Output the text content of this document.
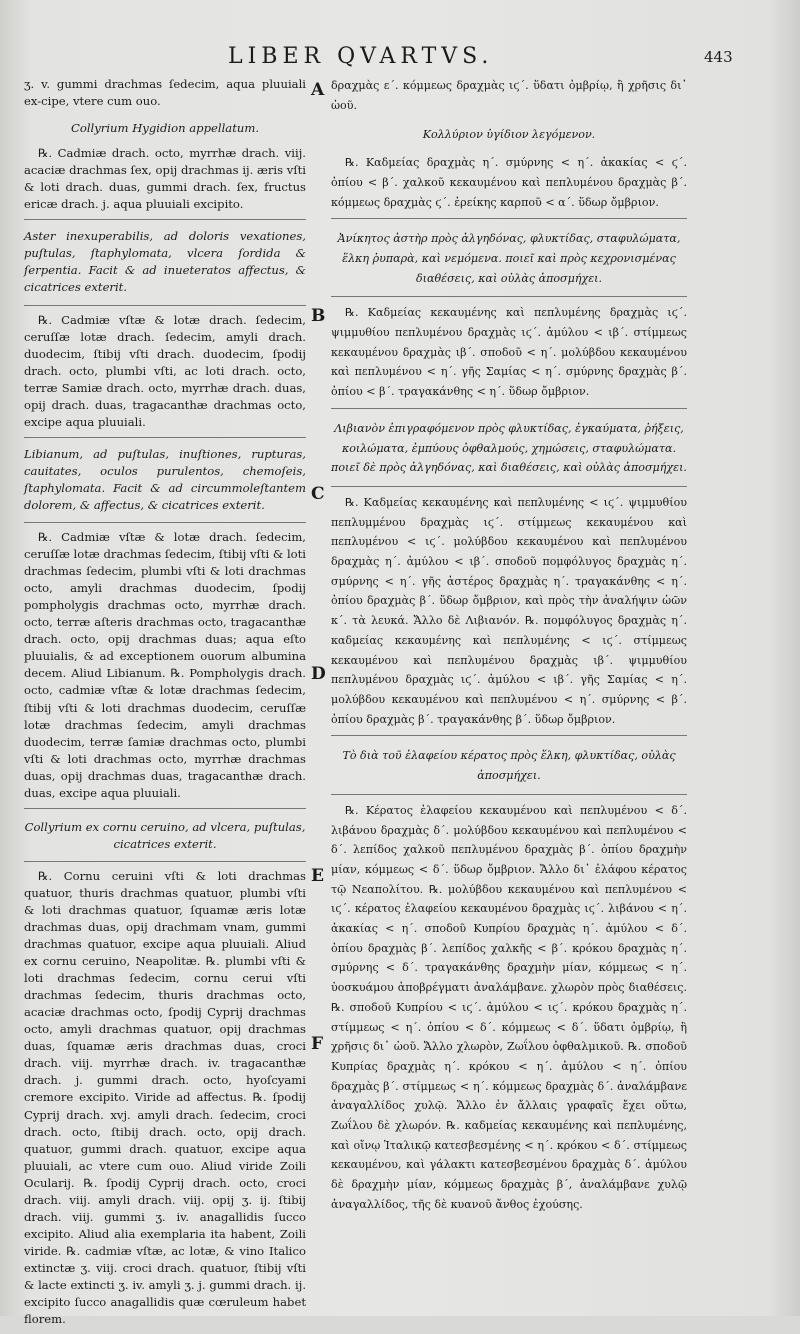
LIBER QVARTVS.	443
A
B
C
D
E
F

ʒ. v. gummi drachmas ſedecim, aqua pluuiali ex-cipe, vtere cum ouo.

Collyrium Hygidion appellatum.

℞. Cadmiæ drach. octo, myrrhæ drach. viij. acaciæ drachmas ſex, opij drachmas ij. æris vſti & loti drach. duas, gummi drach. ſex, fructus ericæ drach. j. aqua pluuiali excipito.

Aster inexuperabilis, ad doloris vexationes, puſtulas, ſtaphylomata, vlcera ſordida & ſerpentia. Facit & ad inueteratos affectus, & cicatrices exterit.

℞. Cadmiæ vſtæ & lotæ drach. ſedecim, ceruſſæ lotæ drach. ſedecim, amyli drach. duodecim, ſtibij vſti drach. duodecim, ſpodij drach. octo, plumbi vſti, ac loti drach. octo, terræ Samiæ drach. octo, myrrhæ drach. duas, opij drach. duas, tragacanthæ drachmas octo, excipe aqua pluuiali.

Libianum, ad puſtulas, inuſtiones, rupturas, cauitates, oculos purulentos, chemoſeis, ſtaphylomata. Facit & ad circummoleſtantem dolorem, & affectus, & cicatrices exterit.

℞. Cadmiæ vſtæ & lotæ drach. ſedecim, ceruſſæ lotæ drachmas ſedecim, ſtibij vſti & loti drachmas ſedecim, plumbi vſti & loti drachmas octo, amyli drachmas duodecim, ſpodij pompholygis drachmas octo, myrrhæ drach. octo, terræ aſteris drachmas octo, tragacanthæ drach. octo, opij drachmas duas; aqua eſto pluuialis, & ad exceptionem ouorum albumina decem. Aliud Libianum. ℞. Pompholygis drach. octo, cadmiæ vſtæ & lotæ drachmas ſedecim, ſtibij vſti & loti drachmas duodecim, ceruſſæ lotæ drachmas ſedecim, amyli drachmas duodecim, terræ ſamiæ drachmas octo, plumbi vſti & loti drachmas octo, myrrhæ drachmas duas, opij drachmas duas, tragacanthæ drach. duas, excipe aqua pluuiali.

Collyrium ex cornu ceruino, ad vlcera, puſtulas, cicatrices exterit.

℞. Cornu ceruini vſti & loti drachmas quatuor, thuris drachmas quatuor, plumbi vſti & loti drachmas quatuor, ſquamæ æris lotæ drachmas duas, opij drachmam vnam, gummi drachmas quatuor, excipe aqua pluuiali. Aliud ex cornu ceruino, Neapolitæ. ℞. plumbi vſti & loti drachmas ſedecim, cornu cerui vſti drachmas ſedecim, thuris drachmas octo, acaciæ drachmas octo, ſpodij Cyprij drachmas octo, amyli drachmas quatuor, opij drachmas duas, ſquamæ æris drachmas duas, croci drach. viij. myrrhæ drach. iv. tragacanthæ drach. j. gummi drach. octo, hyoſcyami cremore excipito. Viride ad affectus. ℞. ſpodij Cyprij drach. xvj. amyli drach. ſedecim, croci drach. octo, ſtibij drach. octo, opij drach. quatuor, gummi drach. quatuor, excipe aqua pluuiali, ac vtere cum ouo. Aliud viride Zoili Ocularij. ℞. ſpodij Cyprij drach. octo, croci drach. viij. amyli drach. viij. opij ʒ. ij. ſtibij drach. viij. gummi ʒ. iv. anagallidis ſucco excipito. Aliud alia exemplaria ita habent, Zoili viride. ℞. cadmiæ vſtæ, ac lotæ, & vino Italico extinctæ ʒ. viij. croci drach. quatuor, ſtibij vſti & lacte extincti ʒ. iv. amyli ʒ. j. gummi drach. ij. excipito ſucco anagallidis quæ cœruleum habet florem.

δραχμὰς ε΄. κόμμεως δραχμὰς ιϛ΄. ὕδατι ὀμβρίῳ, ἢ χρῆσις δι᾿ ὠοῦ.

Κολλύριον ὑγίδιον λεγόμενον.

℞. Καδμείας δραχμὰς η΄. σμύρνης < η΄. ἀκακίας < ϛ΄. ὀπίου < β΄. χαλκοῦ κεκαυμένου καὶ πεπλυμένου δραχμὰς β΄. κόμμεως δραχμὰς ϛ΄. ἐρείκης καρποῦ < α΄. ὕδωρ ὄμβριον.

Ἀνίκητος ἀστὴρ πρὸς ἀλγηδόνας, φλυκτίδας, σταφυλώματα, ἕλκη ῥυπαρὰ, καὶ νεμόμενα. ποιεῖ καὶ πρὸς κεχρονισμένας διαθέσεις, καὶ οὐλὰς ἀποσμήχει.

℞. Καδμείας κεκαυμένης καὶ πεπλυμένης δραχμὰς ιϛ΄. ψιμμυθίου πεπλυμένου δραχμὰς ιϛ΄. ἀμύλου < ιβ΄. στίμμεως κεκαυμένου δραχμὰς ιβ΄. σποδοῦ < η΄. μολύβδου κεκαυμένου καὶ πεπλυμένου < η΄. γῆς Σαμίας < η΄. σμύρνης δραχμὰς β΄. ὀπίου < β΄. τραγακάνθης < η΄. ὕδωρ ὄμβριον.

Λιβιανὸν ἐπιγραφόμενον πρὸς φλυκτίδας, ἐγκαύματα, ῥήξεις, κοιλώματα, ἐμπύους ὀφθαλμούς, χημώσεις, σταφυλώματα. ποιεῖ δὲ πρὸς ἀλγηδόνας, καὶ διαθέσεις, καὶ οὐλὰς ἀποσμήχει.

℞. Καδμείας κεκαυμένης καὶ πεπλυμένης < ιϛ΄. ψιμμυθίου πεπλυμμένου δραχμὰς ιϛ΄. στίμμεως κεκαυμένου καὶ πεπλυμένου < ιϛ΄. μολύβδου κεκαυμένου καὶ πεπλυμένου δραχμὰς η΄. ἀμύλου < ιβ΄. σποδοῦ πομφόλυγος δραχμὰς η΄. σμύρνης < η΄. γῆς ἀστέρος δραχμὰς η΄. τραγακάνθης < η΄. ὀπίου δραχμὰς β΄. ὕδωρ ὄμβριον, καὶ πρὸς τὴν ἀναλήψιν ὠῶν κ΄. τὰ λευκά. Ἄλλο δὲ Λιβιανόν. ℞. πομφόλυγος δραχμὰς η΄. καδμείας κεκαυμένης καὶ πεπλυμένης < ιϛ΄. στίμμεως κεκαυμένου καὶ πεπλυμένου δραχμὰς ιβ΄. ψιμμυθίου πεπλυμένου δραχμὰς ιϛ΄. ἀμύλου < ιβ΄. γῆς Σαμίας < η΄. μολύβδου κεκαυμένου καὶ πεπλυμένου < η΄. σμύρνης < β΄. ὀπίου δραχμὰς β΄. τραγακάνθης β΄. ὕδωρ ὄμβριον.

Τὸ διὰ τοῦ ἐλαφείου κέρατος πρὸς ἕλκη, φλυκτίδας, οὐλὰς ἀποσμήχει.

℞. Κέρατος ἐλαφείου κεκαυμένου καὶ πεπλυμένου < δ΄. λιβάνου δραχμὰς δ΄. μολύβδου κεκαυμένου καὶ πεπλυμένου < δ΄. λεπίδος χαλκοῦ πεπλυμένου δραχμὰς β΄. ὀπίου δραχμὴν μίαν, κόμμεως < δ΄. ὕδωρ ὄμβριον. Ἄλλο δι᾿ ἐλάφου κέρατος τῷ Νεαπολίτου. ℞. μολύβδου κεκαυμένου καὶ πεπλυμένου < ιϛ΄. κέρατος ἐλαφείου κεκαυμένου δραχμὰς ιϛ΄. λιβάνου < η΄. ἀκακίας < η΄. σποδοῦ Κυπρίου δραχμὰς η΄. ἀμύλου < δ΄. ὀπίου δραχμὰς β΄. λεπίδος χαλκῆς < β΄. κρόκου δραχμὰς η΄. σμύρνης < δ΄. τραγακάνθης δραχμὴν μίαν, κόμμεως < η΄. ὑοσκυάμου ἀποβρέγματι ἀναλάμβανε. χλωρὸν πρὸς διαθέσεις. ℞. σποδοῦ Κυπρίου < ιϛ΄. ἀμύλου < ιϛ΄. κρόκου δραχμὰς η΄. στίμμεως < η΄. ὀπίου < δ΄. κόμμεως < δ΄. ὕδατι ὀμβρίῳ, ἢ χρῆσις δι᾿ ὠοῦ. Ἄλλο χλωρὸν, Ζωΐλου ὀφθαλμικοῦ. ℞. σποδοῦ Κυπρίας δραχμὰς η΄. κρόκου < η΄. ἀμύλου < η΄. ὀπίου δραχμὰς β΄. στίμμεως < η΄. κόμμεως δραχμὰς δ΄. ἀναλάμβανε ἀναγαλλίδος χυλῷ. Ἄλλο ἐν ἄλλαις γραφαῖς ἔχει οὕτω, Ζωΐλου δὲ χλωρόν. ℞. καδμείας κεκαυμένης καὶ πεπλυμένης, καὶ οἴνῳ Ἰταλικῷ κατεσβεσμένης < η΄. κρόκου < δ΄. στίμμεως κεκαυμένου, καὶ γάλακτι κατεσβεσμένου δραχμὰς δ΄. ἀμύλου δὲ δραχμὴν μίαν, κόμμεως δραχμὰς β΄, ἀναλάμβανε χυλῷ ἀναγαλλίδος, τῆς δὲ κυανοῦ ἄνθος ἐχούσης.
